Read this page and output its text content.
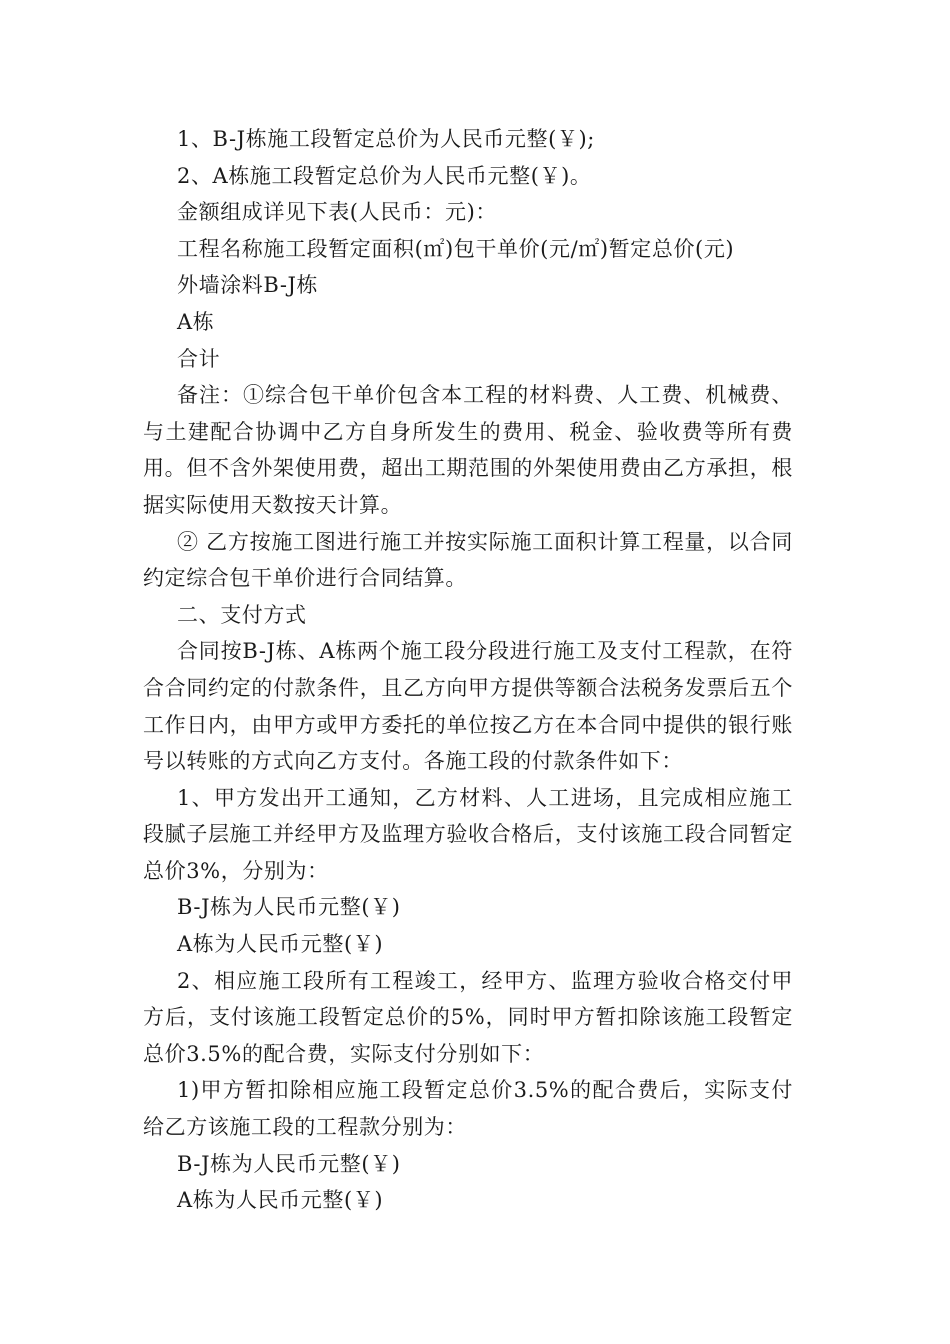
1、B-J栋施工段暂定总价为人民币元整(￥);

2、A栋施工段暂定总价为人民币元整(￥)。

金额组成详见下表(人民币：元)：

工程名称施工段暂定面积(㎡)包干单价(元/㎡)暂定总价(元)

外墙涂料B-J栋

A栋

合计

备注：①综合包干单价包含本工程的材料费、人工费、机械费、与土建配合协调中乙方自身所发生的费用、税金、验收费等所有费用。但不含外架使用费，超出工期范围的外架使用费由乙方承担，根据实际使用天数按天计算。

② 乙方按施工图进行施工并按实际施工面积计算工程量，以合同约定综合包干单价进行合同结算。

二、支付方式

合同按B-J栋、A栋两个施工段分段进行施工及支付工程款，在符合合同约定的付款条件，且乙方向甲方提供等额合法税务发票后五个工作日内，由甲方或甲方委托的单位按乙方在本合同中提供的银行账号以转账的方式向乙方支付。各施工段的付款条件如下：

1、甲方发出开工通知，乙方材料、人工进场，且完成相应施工段腻子层施工并经甲方及监理方验收合格后，支付该施工段合同暂定总价3%，分别为：

B-J栋为人民币元整(￥)

A栋为人民币元整(￥)

2、相应施工段所有工程竣工，经甲方、监理方验收合格交付甲方后，支付该施工段暂定总价的5%，同时甲方暂扣除该施工段暂定总价3.5%的配合费，实际支付分别如下：

1)甲方暂扣除相应施工段暂定总价3.5%的配合费后，实际支付给乙方该施工段的工程款分别为：

B-J栋为人民币元整(￥)

A栋为人民币元整(￥)
